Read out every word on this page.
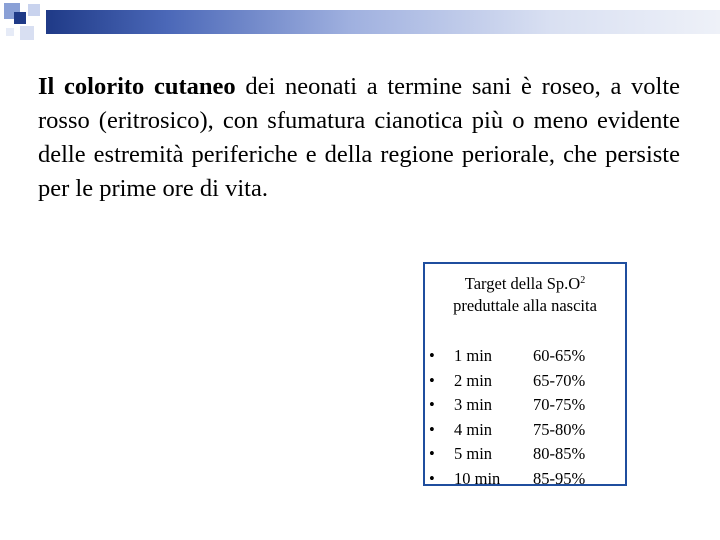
Il colorito cutaneo dei neonati a termine sani è roseo, a volte rosso (eritrosico), con sfumatura cianotica più o meno evidente delle estremità periferiche e della regione periorale, che persiste per le prime ore di vita.
Target della $Sp.O^2$
preduttale alla nascita
• 1 min 60-65%
• 2 min 65-70%
• 3 min 70-75%
• 4 min 75-80%
• 5 min 80-85%
• 10 min 85-95%
